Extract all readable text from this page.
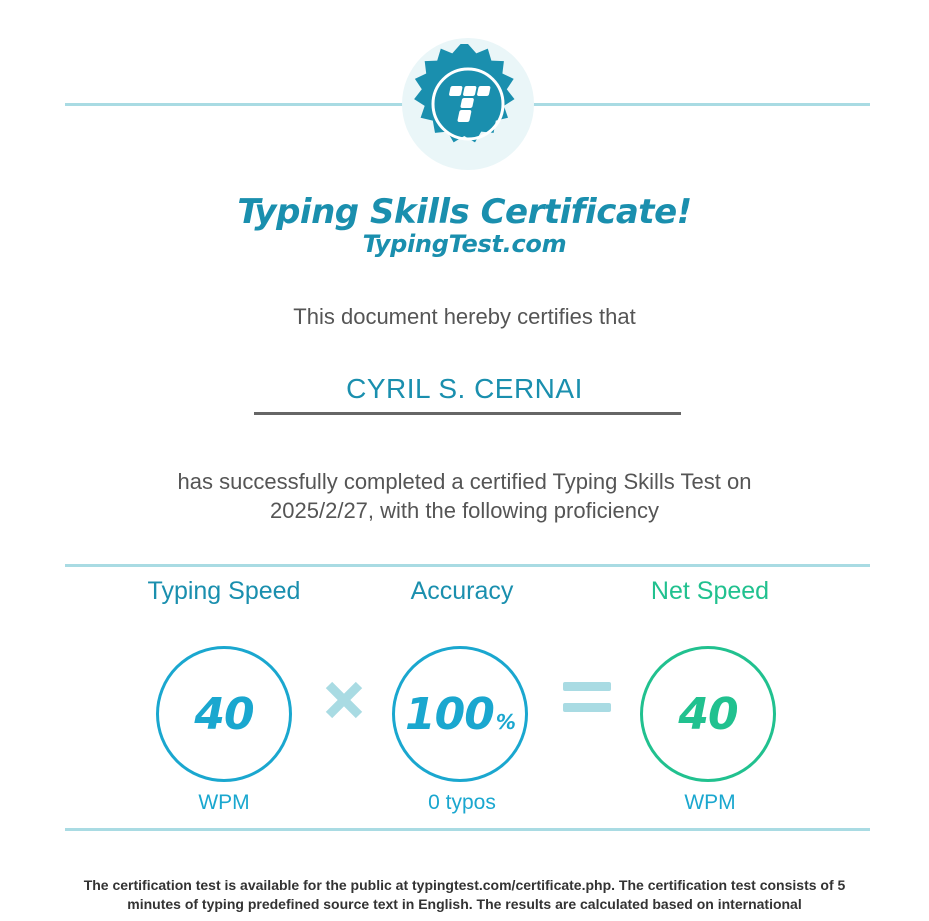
Typing Skills Certificate!
TypingTest.com
This document hereby certifies that
CYRIL S. CERNAI
has successfully completed a certified Typing Skills Test on 2025/2/27, with the following proficiency
Typing Speed	Accuracy	Net Speed
40	100 %	40
WPM	0 typos	WPM
The certification test is available for the public at typingtest.com/certificate.php. The certification test consists of 5 minutes of typing predefined source text in English. The results are calculated based on international
